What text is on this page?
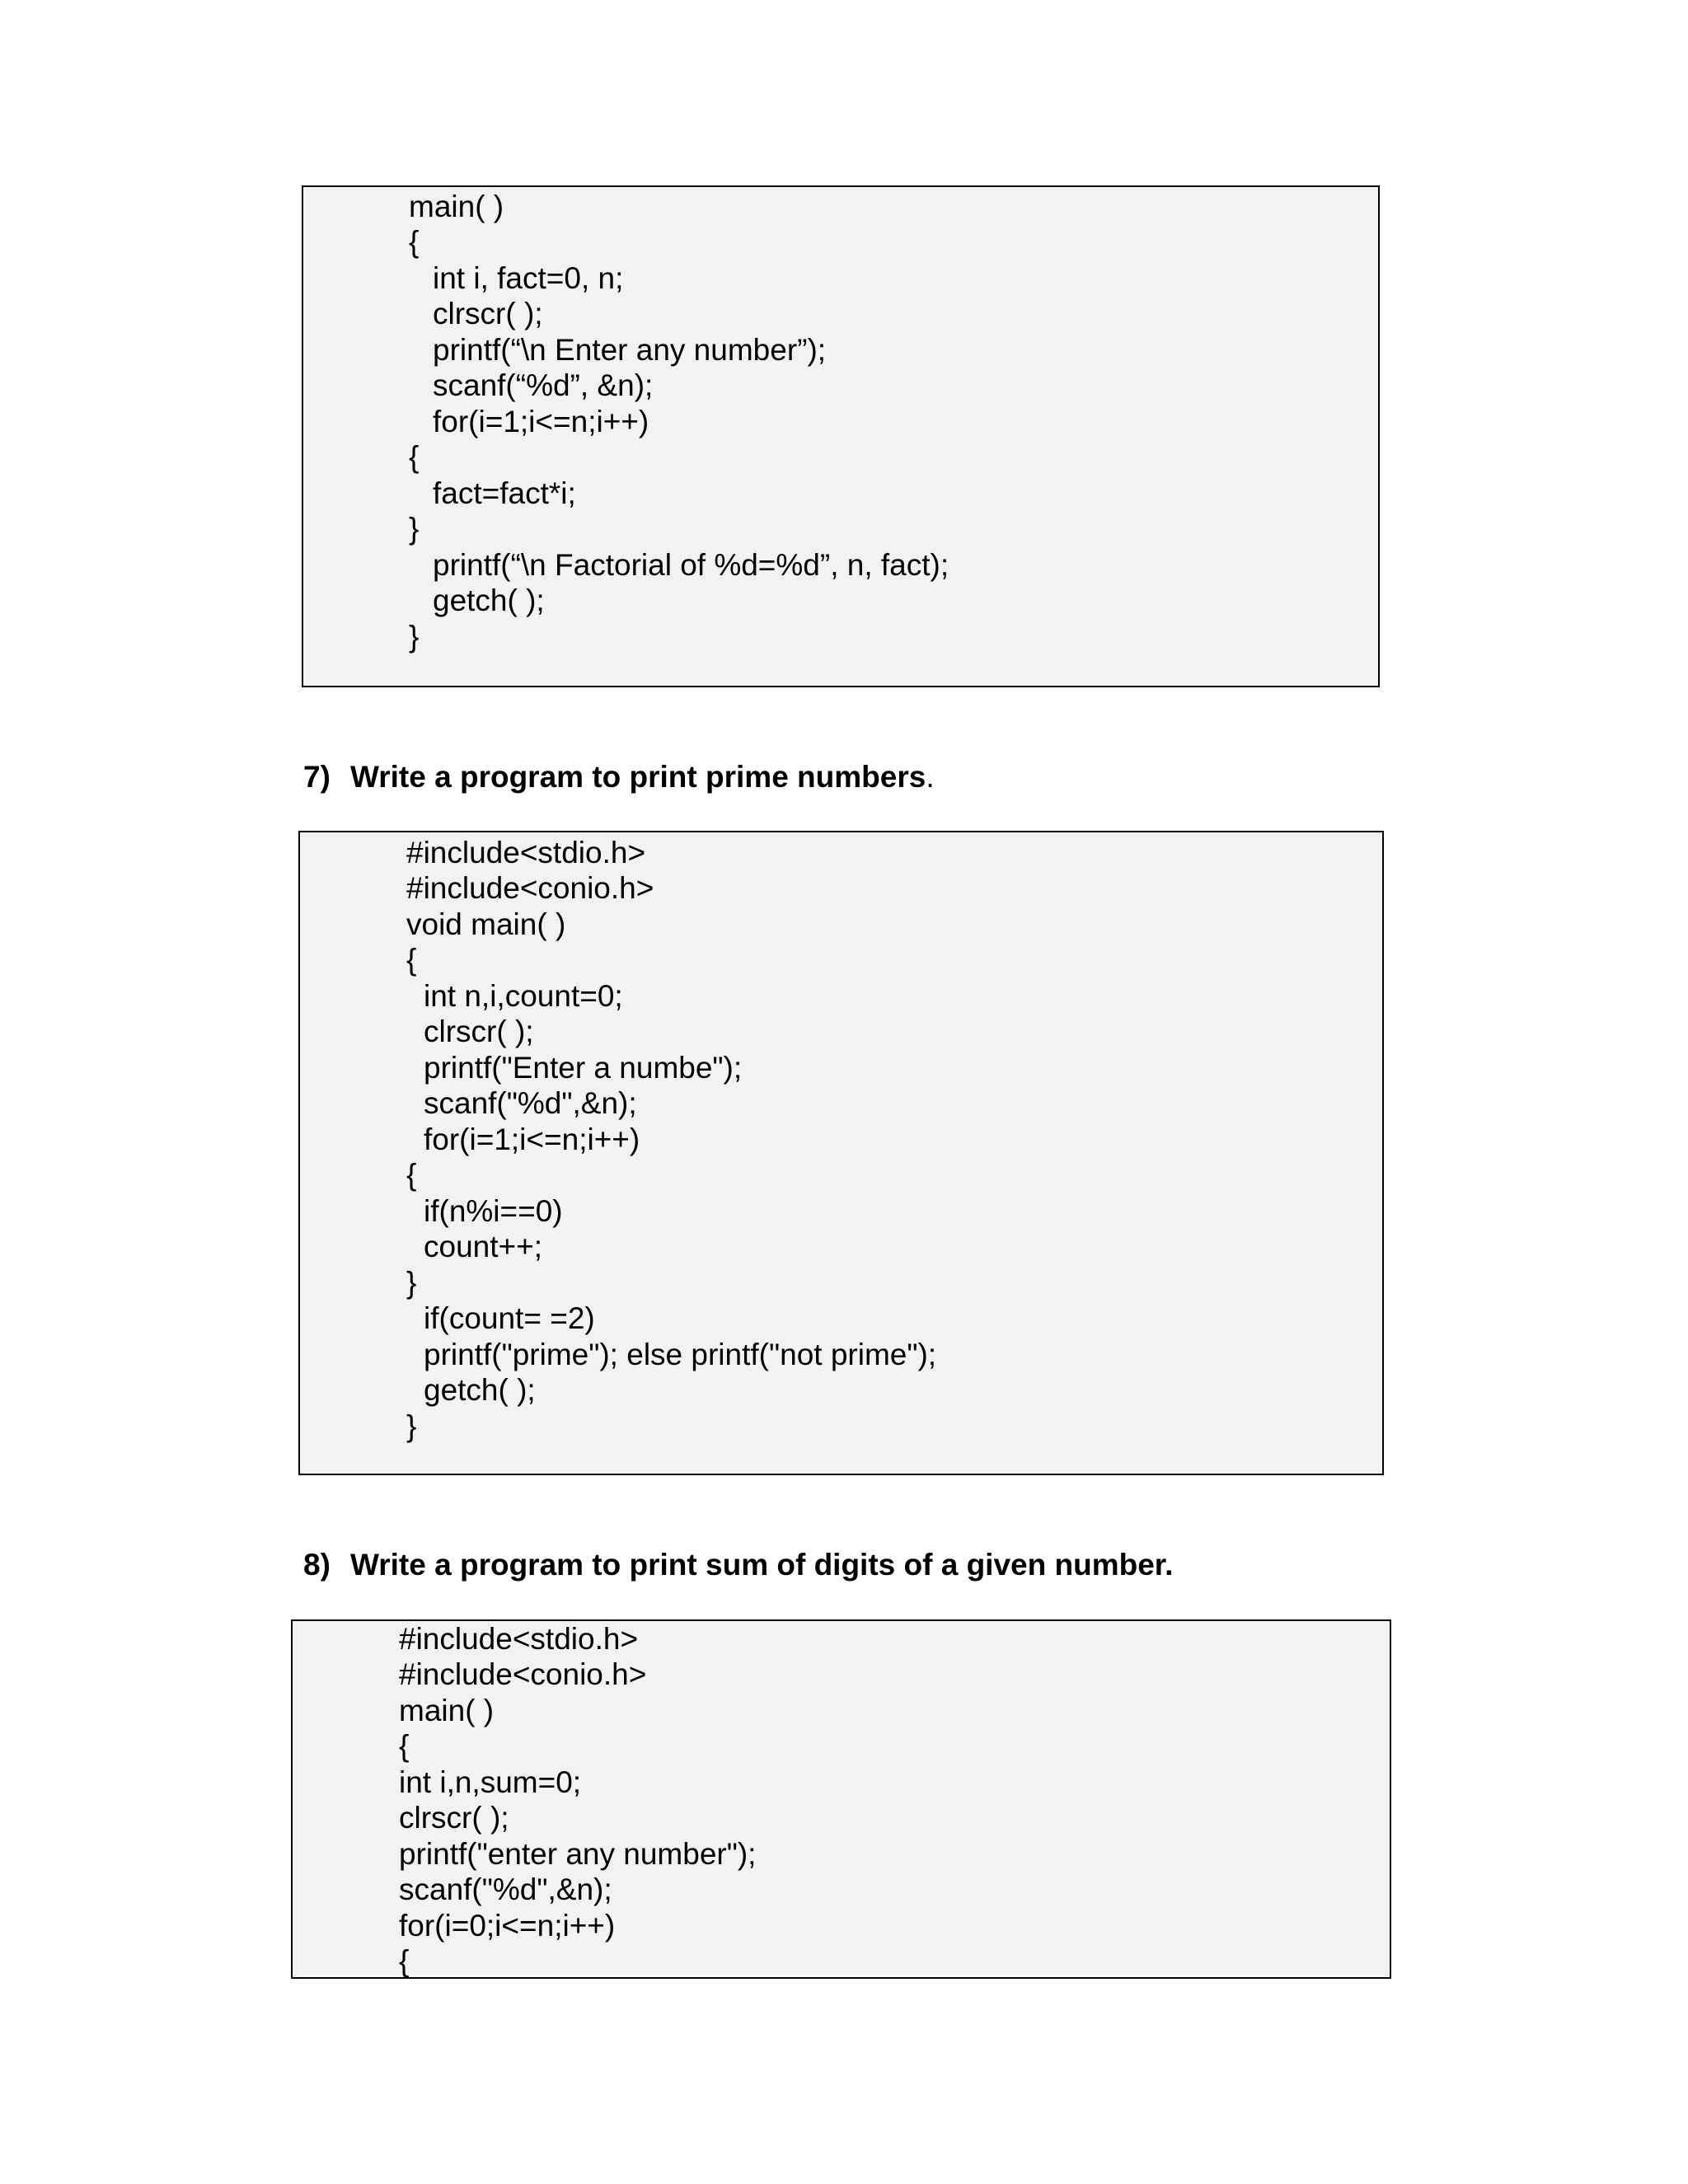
main( )
{
int i, fact=0, n;
clrscr( );
printf(“\n Enter any number”);
scanf(“%d”, &n);
for(i=1;i<=n;i++)
{
fact=fact*i;
}
printf(“\n Factorial of %d=%d”, n, fact);
getch( );
}
7) Write a program to print prime numbers.
#include<stdio.h>
#include<conio.h>
void main( )
{
int n,i,count=0;
clrscr( );
printf("Enter a numbe");
scanf("%d",&n);
for(i=1;i<=n;i++)
{
if(n%i==0)
count++;
}
if(count= =2)
printf("prime"); else printf("not prime");
getch( );
}
8) Write a program to print sum of digits of a given number.
#include<stdio.h>
#include<conio.h>
main( )
{
int i,n,sum=0;
clrscr( );
printf("enter any number");
scanf("%d",&n);
for(i=0;i<=n;i++)
{
